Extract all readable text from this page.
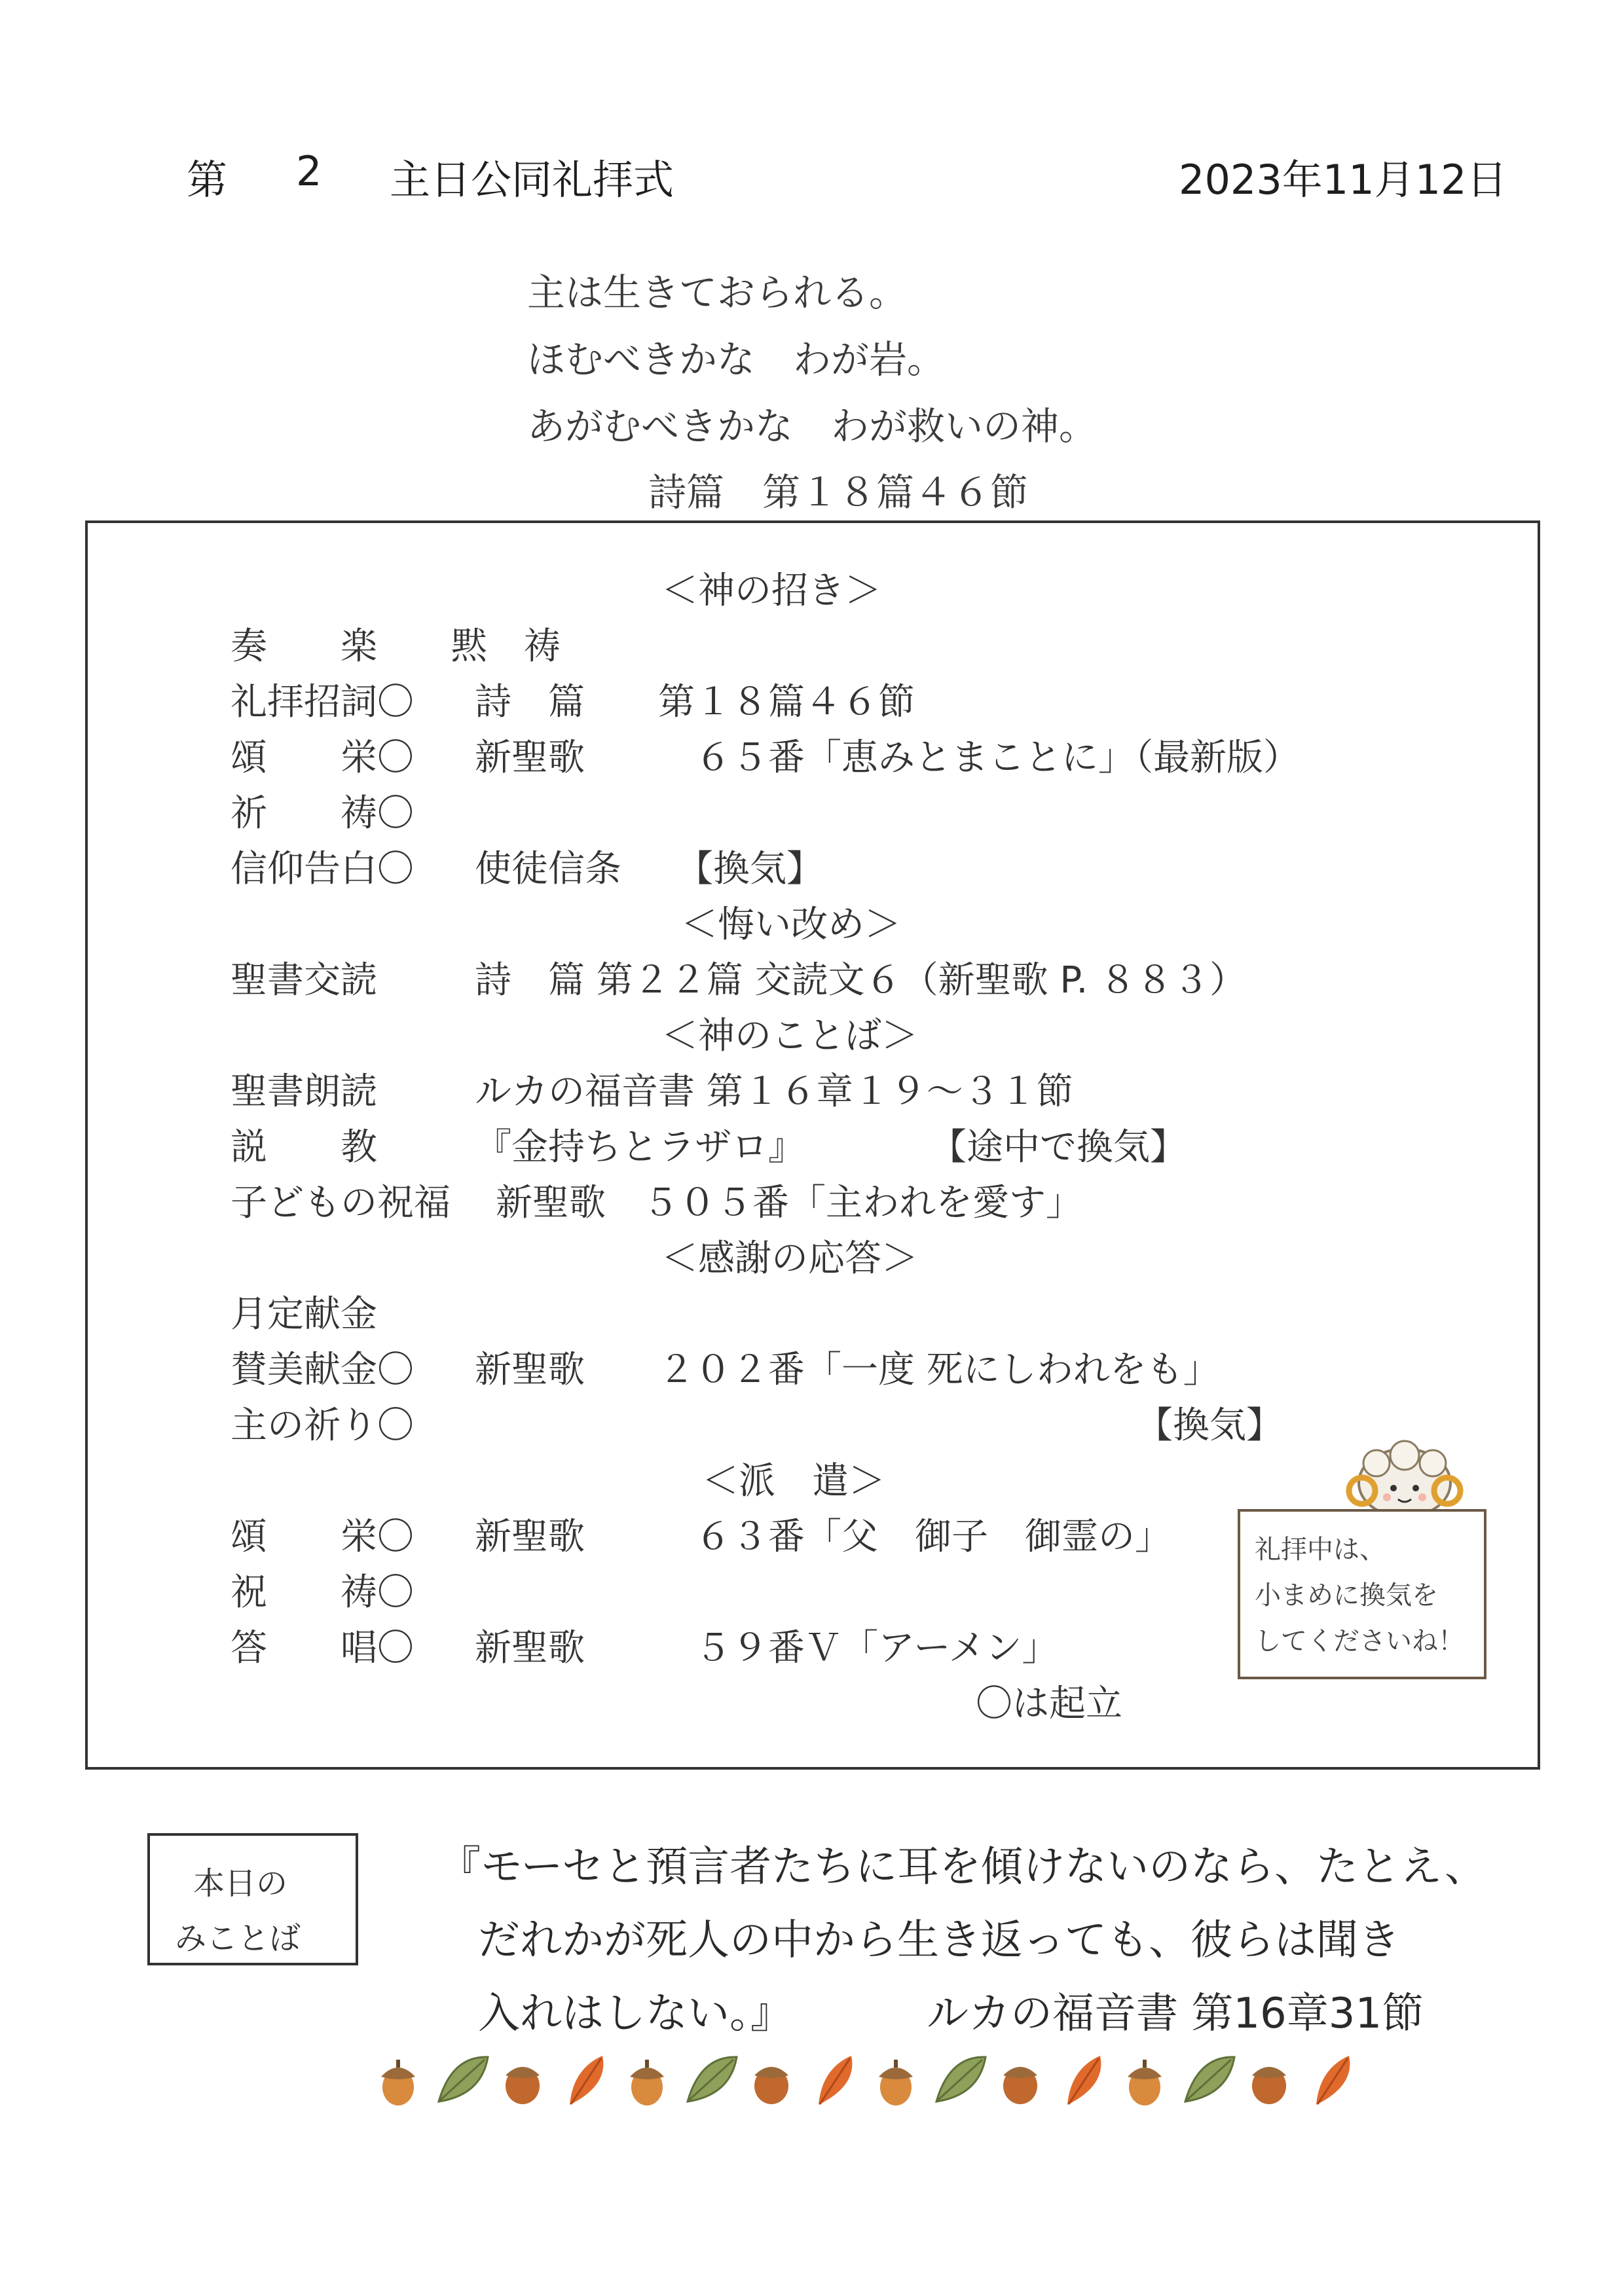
第 2 主日公同礼拝式	2023年11月12日
主は生きておられる。
ほむべきかな　わが岩。
あがむべきかな　わが救いの神。
詩篇　第１８篇４６節
＜神の招き＞
奏　　楽　　黙　祷
礼拝招詞〇 詩　篇　　第１８篇４６節
頌　　栄〇 新聖歌　　　６５番「恵みとまことに」（最新版）
祈　　祷〇
信仰告白〇 使徒信条　　【換気】
＜悔い改め＞
聖書交読	詩　篇 第２２篇 交読文６（新聖歌 P. ８８３）
＜神のことば＞
聖書朗読	ルカの福音書 第１６章１９～３１節
説　　教	『金持ちとラザロ』	【途中で換気】
子どもの祝福 新聖歌　５０５番「主われを愛す」
＜感謝の応答＞
月定献金
賛美献金〇 新聖歌　　２０２番「一度 死にしわれをも」
主の祈り〇	【換気】
＜派　遣＞
頌　　栄〇 新聖歌　　　６３番「父　御子　御霊の」
祝　　祷〇
答　　唱〇 新聖歌　　　５９番Ｖ「アーメン」
〇は起立
礼拝中は、
小まめに換気を
してくださいね！
本日の
みことば
『モーセと預言者たちに耳を傾けないのなら、たとえ、
だれかが死人の中から生き返っても、彼らは聞き
入れはしない。』	ルカの福音書 第16章31節
